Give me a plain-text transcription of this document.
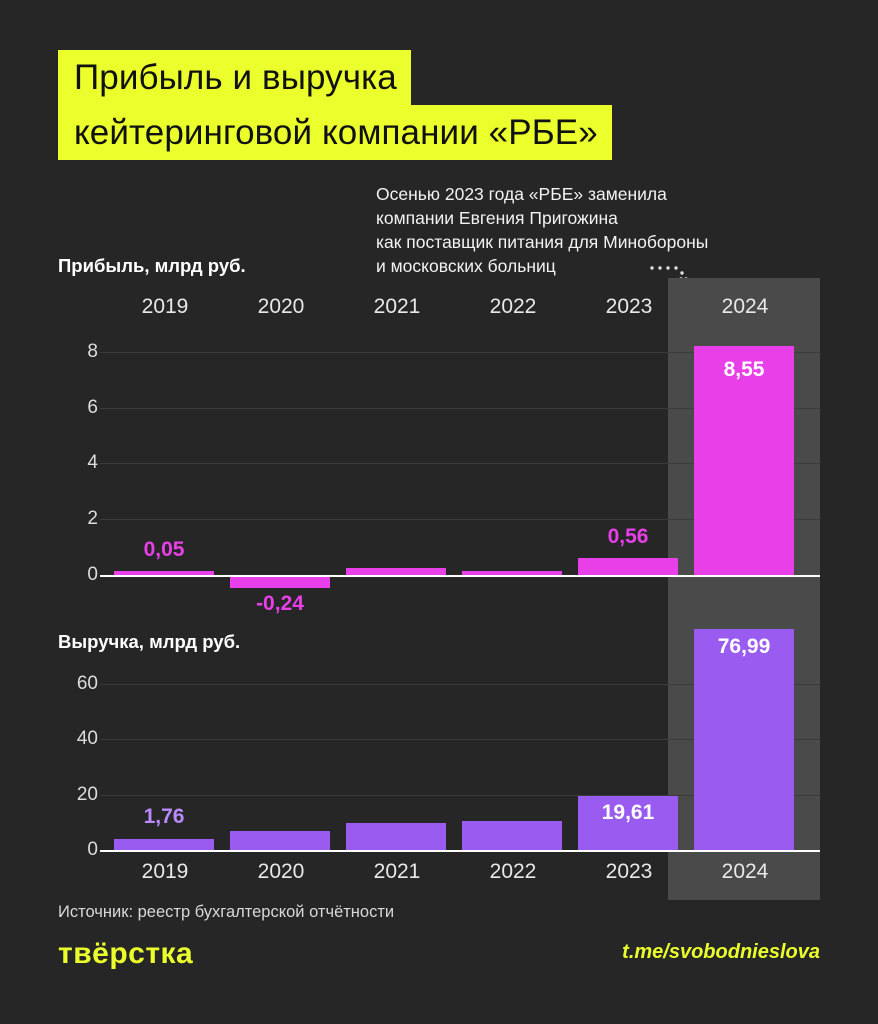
Прибыль и выручка
кейтеринговой компании «РБЕ»
Осенью 2023 года «РБЕ» заменила
компании Евгения Пригожина
как поставщик питания для Минобороны
и московских больниц
Прибыль, млрд руб.
Выручка, млрд руб.
2019	2020	2021	2022	2023	2024
8
6
4
2
0
0,05
-0,24
0,56
8,55
60
40
20
0
1,76	19,61
76,99
2019	2020	2021	2022	2023	2024
Источник: реестр бухгалтерской отчётности
твёрстка	t.me/svobodnieslova
